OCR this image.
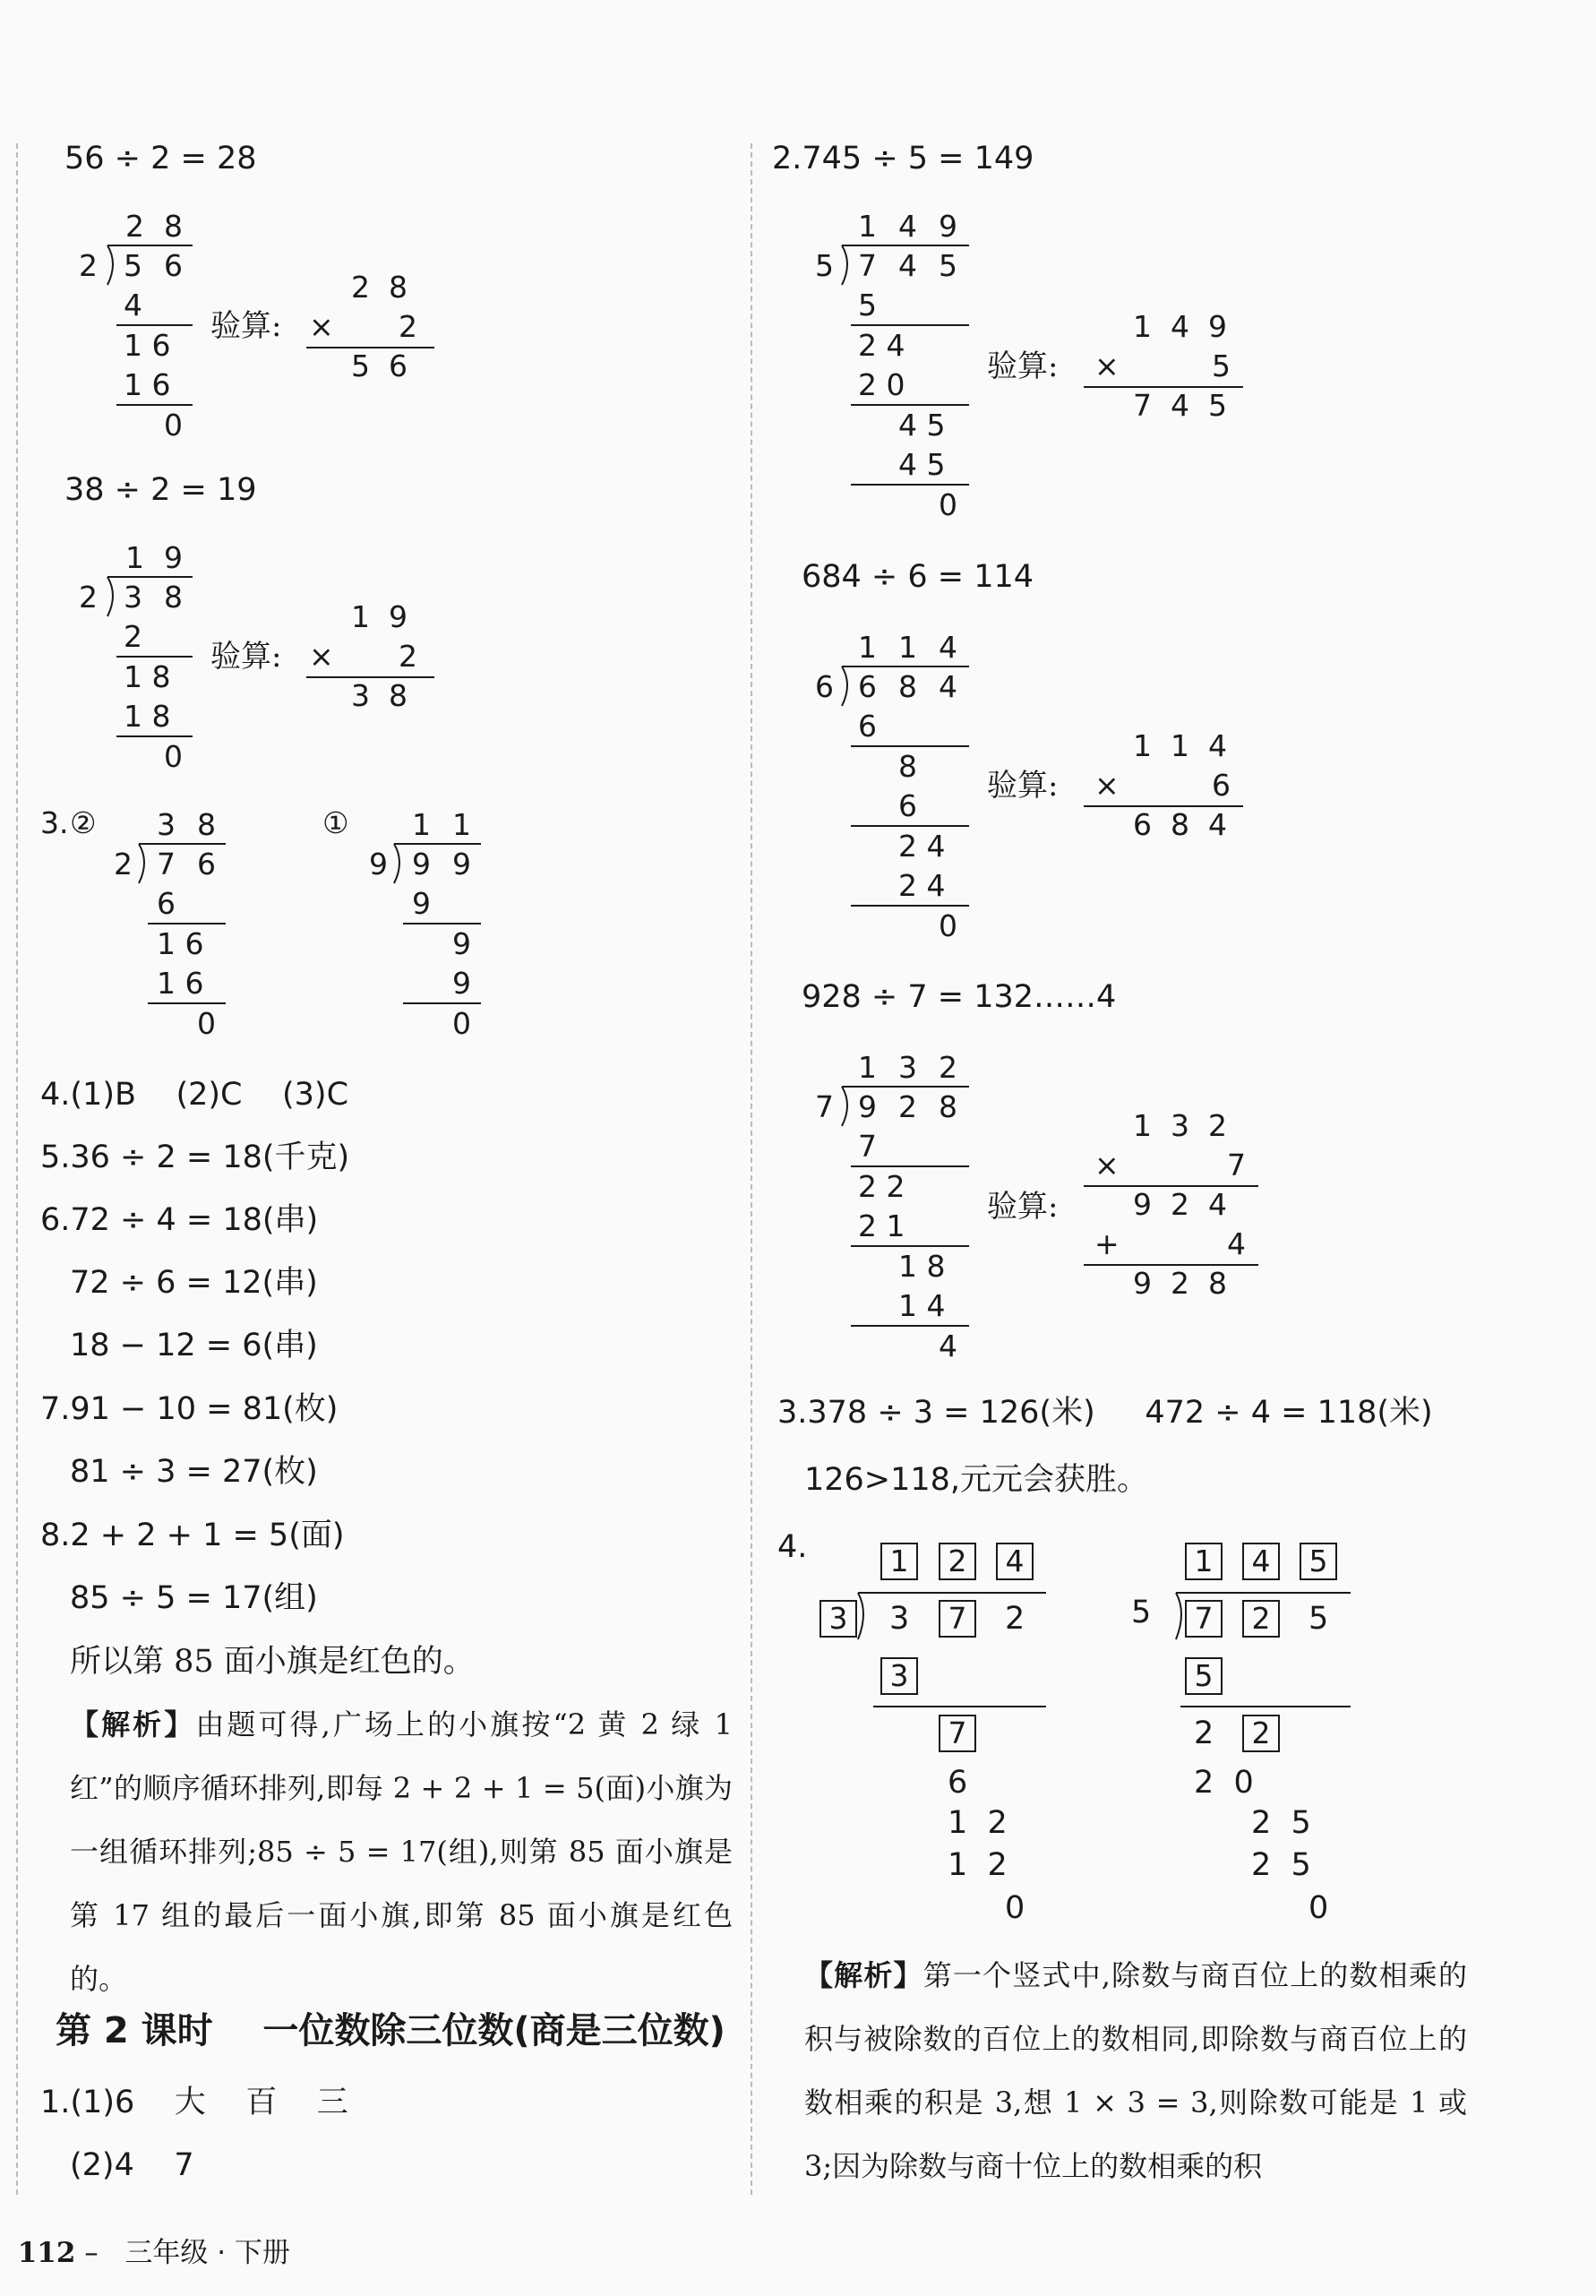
56 ÷ 2 = 28
2 8
2 5 6
4
1 6
1 6
0
验算:
2  8
× 2
5  6
38 ÷ 2 = 19
1 9
2 3 8
2
1 8
1 8
0
验算:
1  9
× 2
3  8
3. ② 3 8
2 7 6
6
1 6
1 6
0
① 1 1
9 9 9
9
9
9
0
4.(1)B    (2)C    (3)C
5.36 ÷ 2 = 18(千克)
6.72 ÷ 4 = 18(串)
72 ÷ 6 = 12(串)
18 − 12 = 6(串)
7.91 − 10 = 81(枚)
81 ÷ 3 = 27(枚)
8.2 + 2 + 1 = 5(面)
85 ÷ 5 = 17(组)
所以第 85 面小旗是红色的。
【解析】由题可得,广场上的小旗按“2 黄 2 绿 1 红”的顺序循环排列,即每 2 + 2 + 1 = 5(面)小旗为一组循环排列;85 ÷ 5 = 17(组),则第 85 面小旗是第 17 组的最后一面小旗,即第 85 面小旗是红色的。
第 2 课时    一位数除三位数(商是三位数)
1.(1)6    大    百    三
(2)4    7
2.745 ÷ 5 = 149
1 4 9
5 7 4 5
5
2 4
2 0
4 5
4 5
0
验算:
1  4  9
×	5
7  4  5
1 1 4
6 6 8 4
6
8
6
2 4
2 4
0
验算:
1  1  4
×	6
6  8  4
1 3 2
7 9 2 8
7
2 2
2 1
1 8
1 4
4
验算:
1  3  2
×	7
9  2  4
+	4
9  2  8
684 ÷ 6 = 114
928 ÷ 7 = 132……4
3.378 ÷ 3 = 126(米)     472 ÷ 4 = 118(米)
126>118,元元会获胜。
4.	1	2	4
3	3	7	2
3
7
6
1  2
1  2
0
1	4	5
5	7	2	5
5
2	2
2  0
2  5
2  5
0
【解析】第一个竖式中,除数与商百位上的数相乘的积与被除数的百位上的数相同,即除数与商百位上的数相乘的积是 3,想 1 × 3 = 3,则除数可能是 1 或 3;因为除数与商十位上的数相乘的积

112 – 三年级 · 下册
